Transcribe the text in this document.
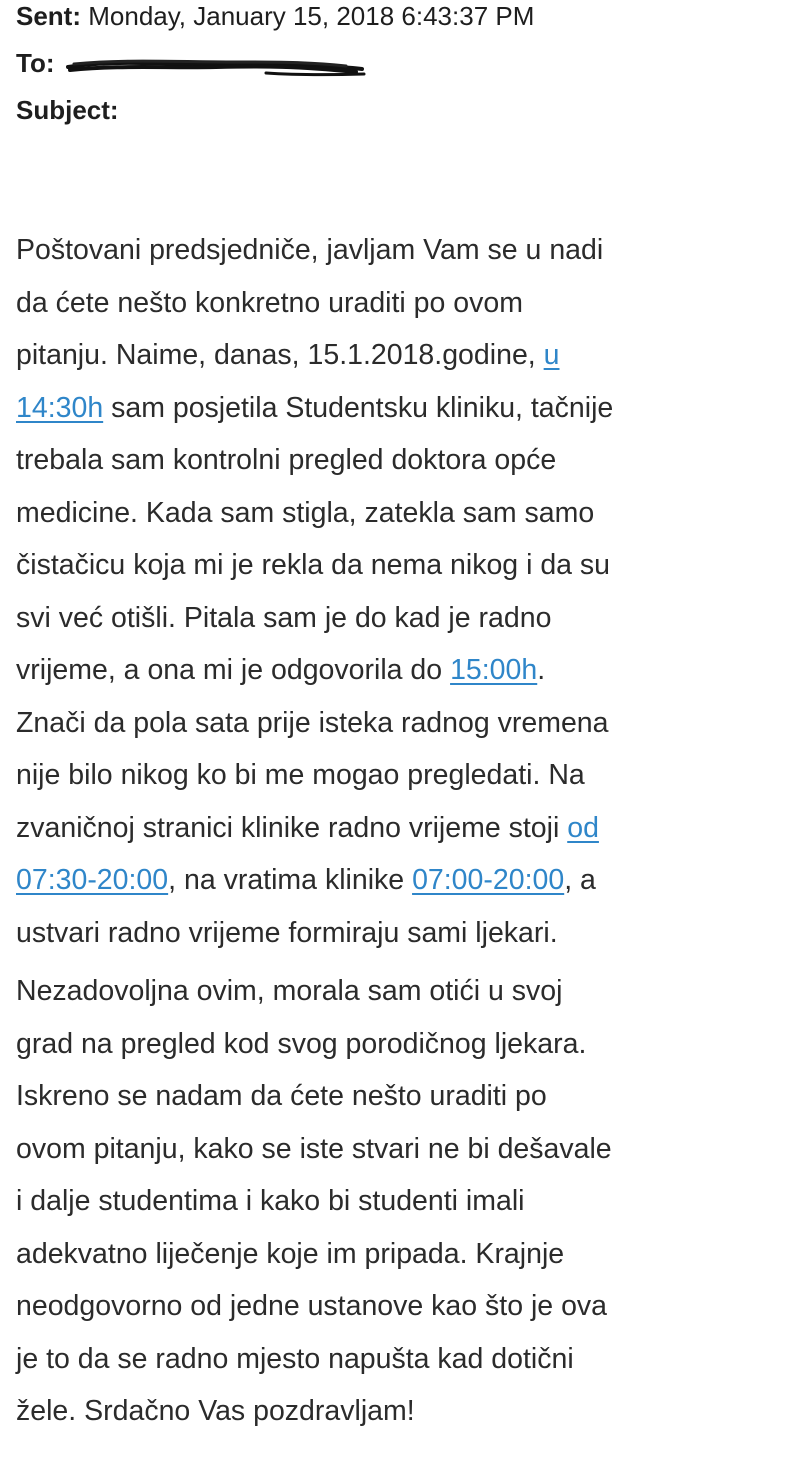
Sent: Monday, January 15, 2018 6:43:37 PM
To:
Subject:

Poštovani predsjedniče, javljam Vam se u nadi
da ćete nešto konkretno uraditi po ovom
pitanju. Naime, danas, 15.1.2018.godine, u
14:30h sam posjetila Studentsku kliniku, tačnije
trebala sam kontrolni pregled doktora opće
medicine. Kada sam stigla, zatekla sam samo
čistačicu koja mi je rekla da nema nikog i da su
svi već otišli. Pitala sam je do kad je radno
vrijeme, a ona mi je odgovorila do 15:00h.
Znači da pola sata prije isteka radnog vremena
nije bilo nikog ko bi me mogao pregledati. Na
zvaničnoj stranici klinike radno vrijeme stoji od
07:30-20:00, na vratima klinike 07:00-20:00, a
ustvari radno vrijeme formiraju sami ljekari.

Nezadovoljna ovim, morala sam otići u svoj
grad na pregled kod svog porodičnog ljekara.
Iskreno se nadam da ćete nešto uraditi po
ovom pitanju, kako se iste stvari ne bi dešavale
i dalje studentima i kako bi studenti imali
adekvatno liječenje koje im pripada. Krajnje
neodgovorno od jedne ustanove kao što je ova
je to da se radno mjesto napušta kad dotični
žele. Srdačno Vas pozdravljam!
